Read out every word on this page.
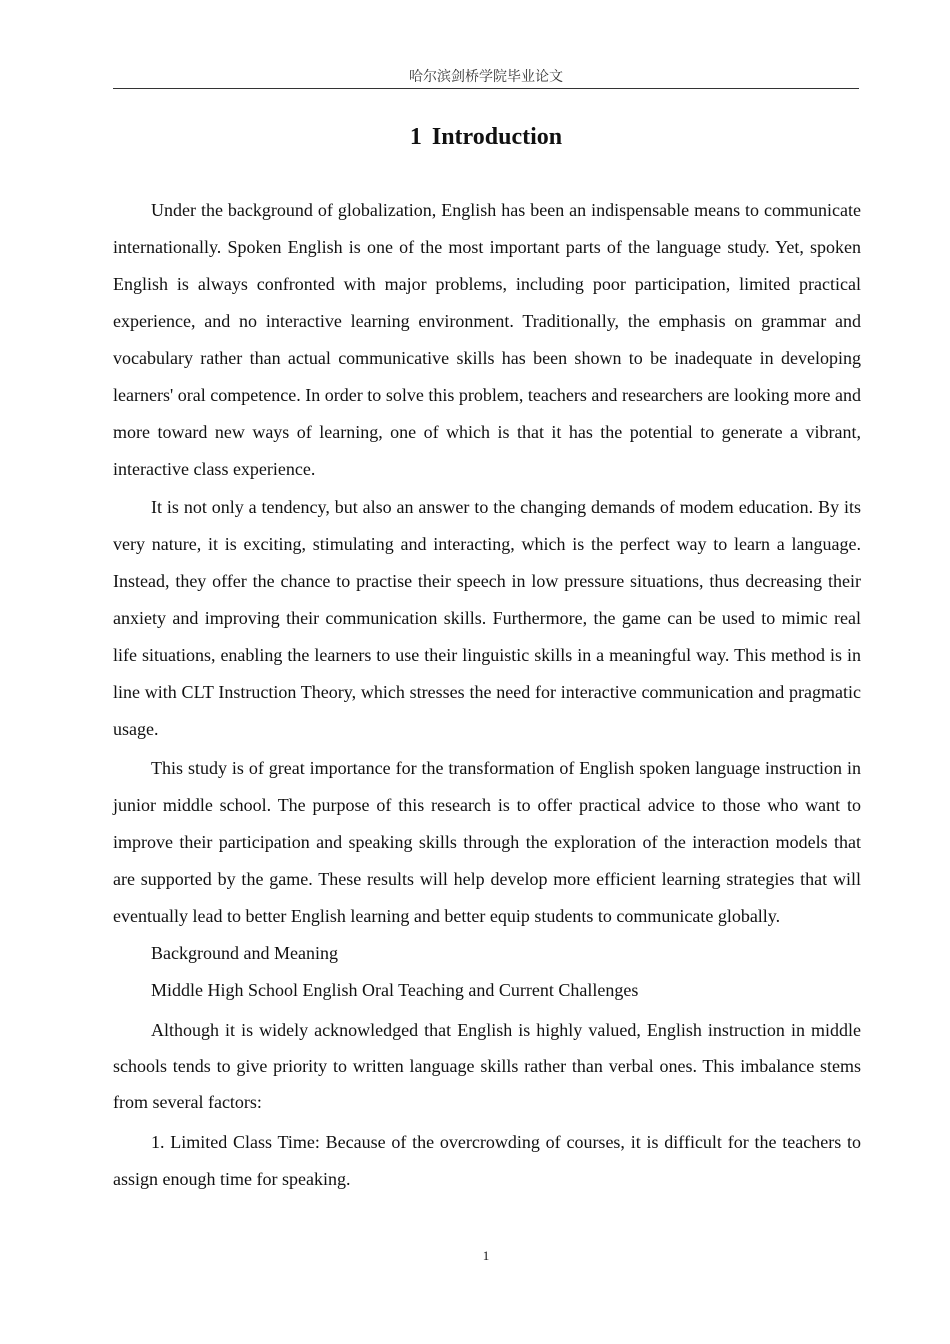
哈尔滨剑桥学院毕业论文
1 Introduction

Under the background of globalization, English has been an indispensable means to communicate internationally. Spoken English is one of the most important parts of the language study. Yet, spoken English is always confronted with major problems, including poor participation, limited practical experience, and no interactive learning environment. Traditionally, the emphasis on grammar and vocabulary rather than actual communicative skills has been shown to be inadequate in developing learners' oral competence. In order to solve this problem, teachers and researchers are looking more and more toward new ways of learning, one of which is that it has the potential to generate a vibrant, interactive class experience.

It is not only a tendency, but also an answer to the changing demands of modem education. By its very nature, it is exciting, stimulating and interacting, which is the perfect way to learn a language. Instead, they offer the chance to practise their speech in low pressure situations, thus decreasing their anxiety and improving their communication skills. Furthermore, the game can be used to mimic real life situations, enabling the learners to use their linguistic skills in a meaningful way. This method is in line with CLT Instruction Theory, which stresses the need for interactive communication and pragmatic usage.

This study is of great importance for the transformation of English spoken language instruction in junior middle school. The purpose of this research is to offer practical advice to those who want to improve their participation and speaking skills through the exploration of the interaction models that are supported by the game. These results will help develop more efficient learning strategies that will eventually lead to better English learning and better equip students to communicate globally.

Background and Meaning

Middle High School English Oral Teaching and Current Challenges

Although it is widely acknowledged that English is highly valued, English instruction in middle schools tends to give priority to written language skills rather than verbal ones. This imbalance stems from several factors:

1. Limited Class Time: Because of the overcrowding of courses, it is difficult for the teachers to assign enough time for speaking.

1
